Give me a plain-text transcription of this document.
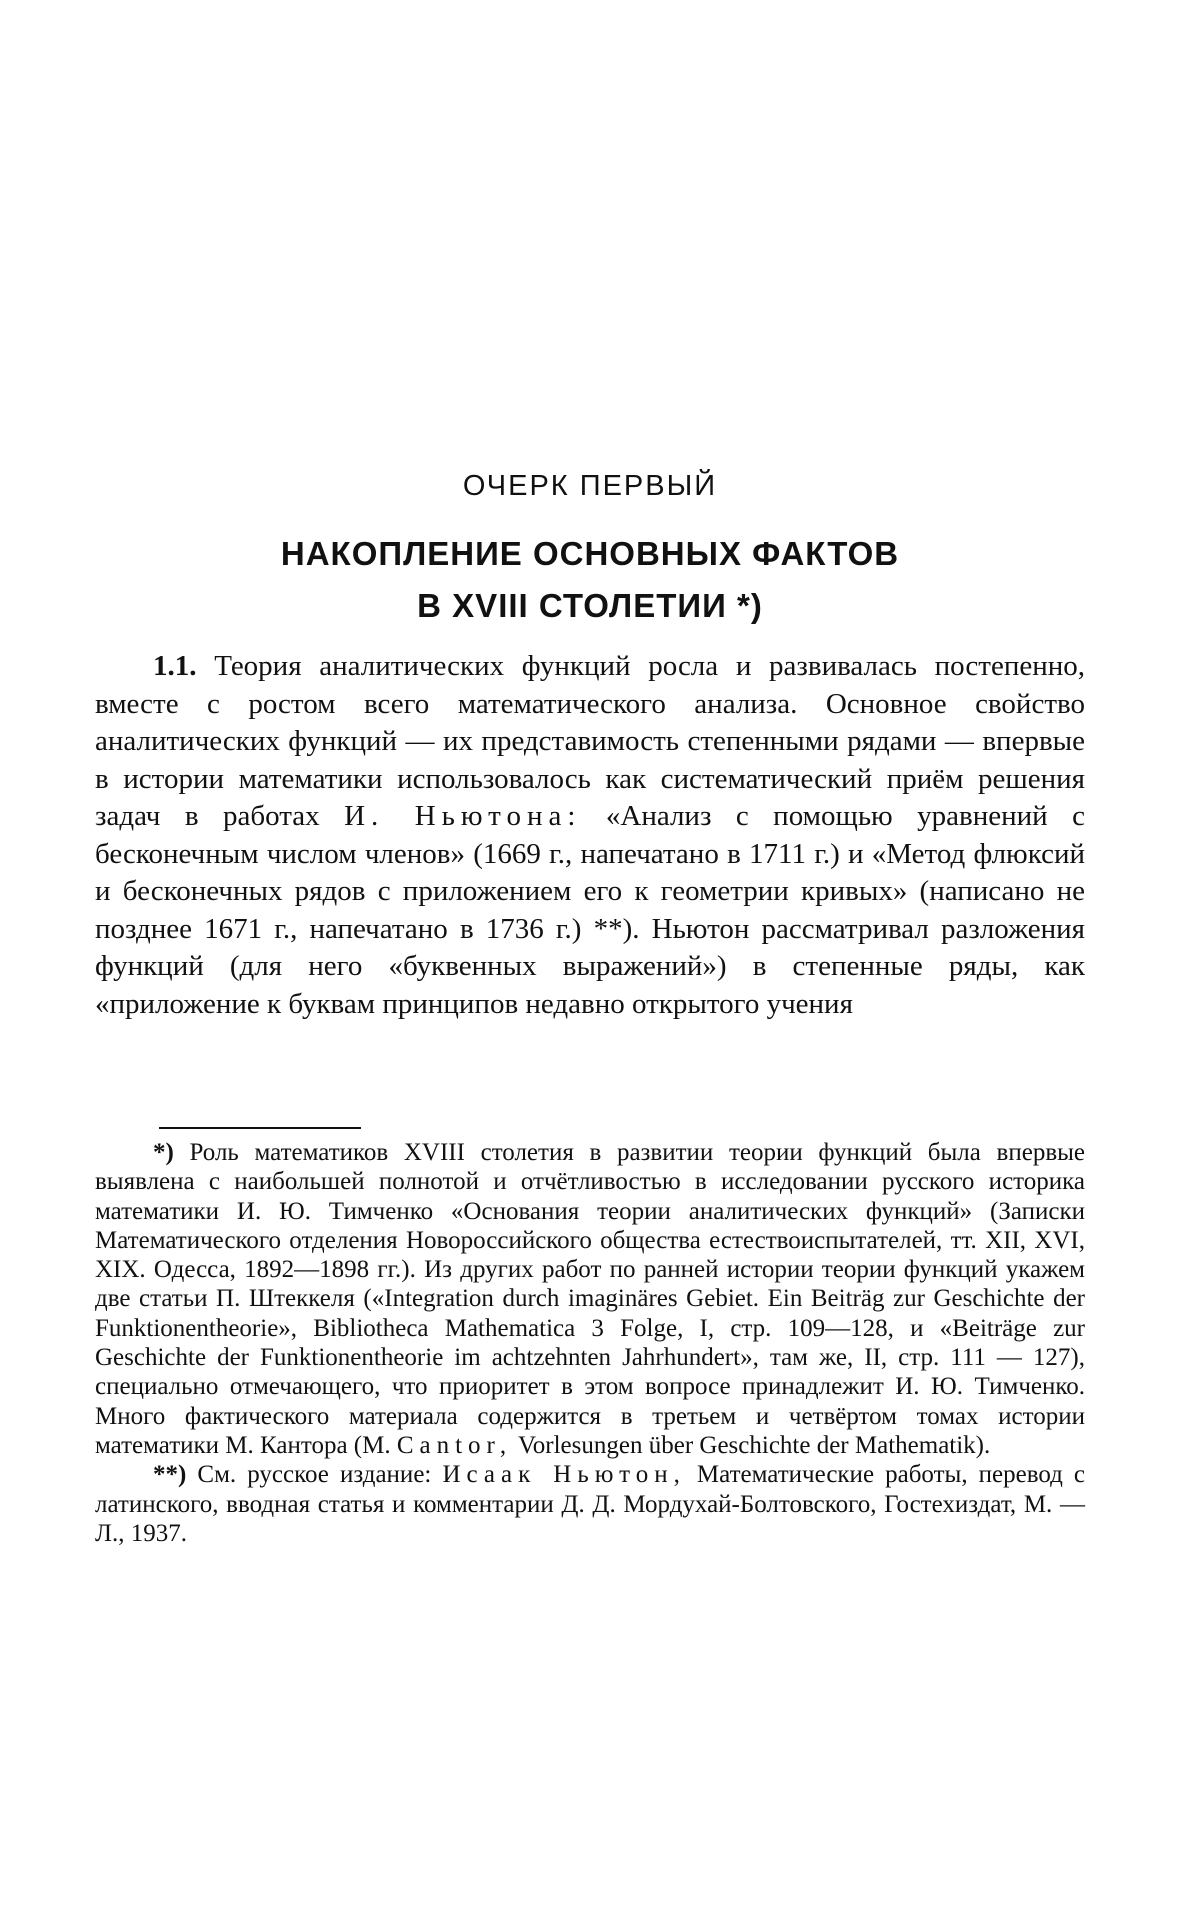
ОЧЕРК ПЕРВЫЙ
НАКОПЛЕНИЕ ОСНОВНЫХ ФАКТОВ
В XVIII СТОЛЕТИИ *)

1.1. Теория аналитических функций росла и развивалась постепенно, вместе с ростом всего математического анализа. Основное свойство аналитических функций — их представимость степенными рядами — впервые в истории математики использовалось как систематический приём решения задач в работах И. Ньютона: «Анализ с помощью уравнений с бесконечным числом членов» (1669 г., напечатано в 1711 г.) и «Метод флюксий и бесконечных рядов с приложением его к геометрии кривых» (написано не позднее 1671 г., напечатано в 1736 г.) **). Ньютон рассматривал разложения функций (для него «буквенных выражений») в степенные ряды, как «приложение к буквам принципов недавно открытого учения

*) Роль математиков XVIII столетия в развитии теории функций была впервые выявлена с наибольшей полнотой и отчётливостью в исследовании русского историка математики И. Ю. Тимченко «Основания теории аналитических функций» (Записки Математического отделения Новороссийского общества естествоиспытателей, тт. XII, XVI, XIX. Одесса, 1892—1898 гг.). Из других работ по ранней истории теории функций укажем две статьи П. Штеккеля («Integration durch imaginäres Gebiet. Ein Beiträg zur Geschichte der Funktionentheorie», Bibliotheca Mathematica 3 Folge, I, стр. 109—128, и «Beiträge zur Geschichte der Funktionentheorie im achtzehnten Jahrhundert», там же, II, стр. 111 — 127), специально отмечающего, что приоритет в этом вопросе принадлежит И. Ю. Тимченко. Много фактического материала содержится в третьем и четвёртом томах истории математики М. Кантора (М. Cantor, Vorlesungen über Geschichte der Mathematik).

**) См. русское издание: Исаак Ньютон, Математические работы, перевод с латинского, вводная статья и комментарии Д. Д. Мордухай-Болтовского, Гостехиздат, М. — Л., 1937.
